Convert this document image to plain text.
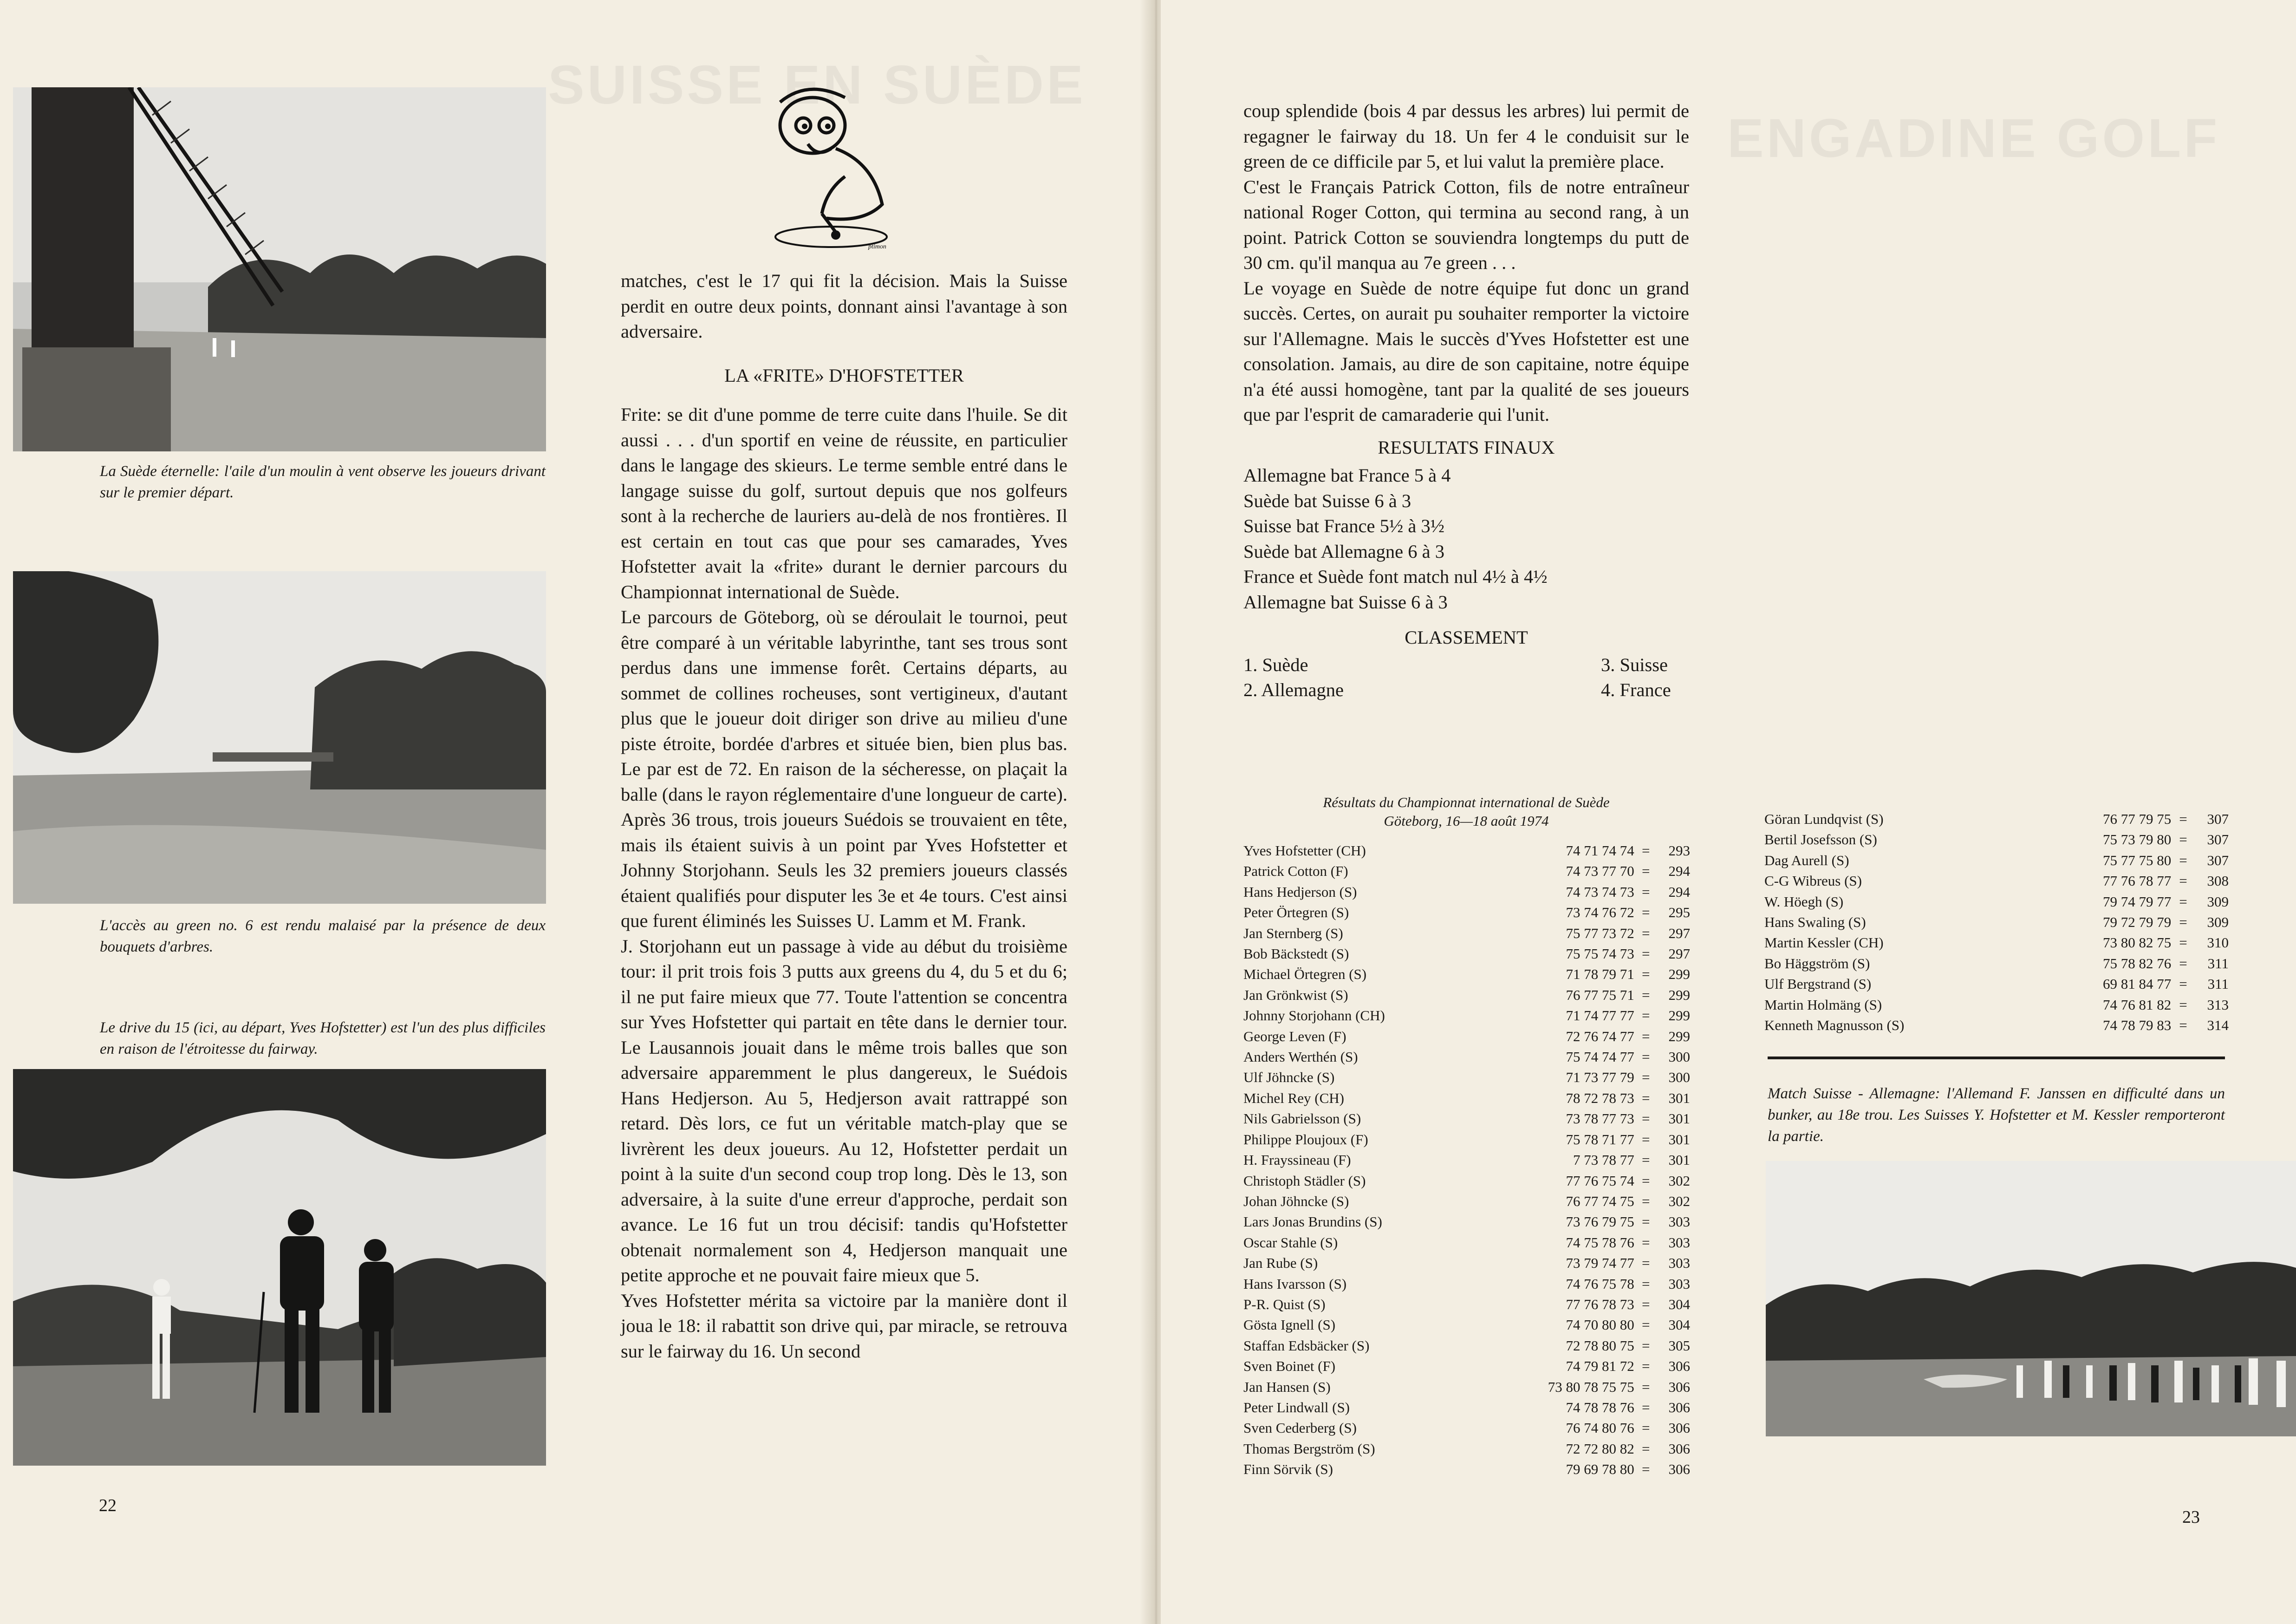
SUISSE EN SUÈDE
La Suède éternelle: l'aile d'un moulin à vent observe les joueurs drivant sur le premier départ.
L'accès au green no. 6 est rendu malaisé par la présence de deux bouquets d'arbres.
Le drive du 15 (ici, au départ, Yves Hofstetter) est l'un des plus difficiles en raison de l'étroitesse du fairway.
ptimon

matches, c'est le 17 qui fit la décision. Mais la Suisse perdit en outre deux points, donnant ainsi l'avantage à son adversaire.

LA «FRITE» D'HOFSTETTER

Frite: se dit d'une pomme de terre cuite dans l'huile. Se dit aussi . . . d'un sportif en veine de réussite, en particulier dans le langage des skieurs. Le terme semble entré dans le langage suisse du golf, surtout depuis que nos golfeurs sont à la recherche de lauriers au-delà de nos frontières. Il est certain en tout cas que pour ses camarades, Yves Hofstetter avait la «frite» durant le dernier parcours du Championnat international de Suède.

Le parcours de Göteborg, où se déroulait le tournoi, peut être comparé à un véritable labyrinthe, tant ses trous sont perdus dans une immense forêt. Certains départs, au sommet de collines rocheuses, sont vertigineux, d'autant plus que le joueur doit diriger son drive au milieu d'une piste étroite, bordée d'arbres et située bien, bien plus bas. Le par est de 72. En raison de la sécheresse, on plaçait la balle (dans le rayon réglementaire d'une longueur de carte).

Après 36 trous, trois joueurs Suédois se trouvaient en tête, mais ils étaient suivis à un point par Yves Hofstetter et Johnny Storjohann. Seuls les 32 premiers joueurs classés étaient qualifiés pour disputer les 3e et 4e tours. C'est ainsi que furent éliminés les Suisses U. Lamm et M. Frank.

J. Storjohann eut un passage à vide au début du troisième tour: il prit trois fois 3 putts aux greens du 4, du 5 et du 6; il ne put faire mieux que 77. Toute l'attention se concentra sur Yves Hofstetter qui partait en tête dans le dernier tour. Le Lausannois jouait dans le même trois balles que son adversaire apparemment le plus dangereux, le Suédois Hans Hedjerson. Au 5, Hedjerson avait rattrappé son retard. Dès lors, ce fut un véritable match-play que se livrèrent les deux joueurs. Au 12, Hofstetter perdait un point à la suite d'un second coup trop long. Dès le 13, son adversaire, à la suite d'une erreur d'approche, perdait son avance. Le 16 fut un trou décisif: tandis qu'Hofstetter obtenait normalement son 4, Hedjerson manquait une petite approche et ne pouvait faire mieux que 5.

Yves Hofstetter mérita sa victoire par la manière dont il joua le 18: il rabattit son drive qui, par miracle, se retrouva sur le fairway du 16. Un second

22
ENGADINE GOLF

coup splendide (bois 4 par dessus les arbres) lui permit de regagner le fairway du 18. Un fer 4 le conduisit sur le green de ce difficile par 5, et lui valut la première place.

C'est le Français Patrick Cotton, fils de notre entraîneur national Roger Cotton, qui termina au second rang, à un point. Patrick Cotton se souviendra longtemps du putt de 30 cm. qu'il manqua au 7e green . . .

Le voyage en Suède de notre équipe fut donc un grand succès. Certes, on aurait pu souhaiter remporter la victoire sur l'Allemagne. Mais le succès d'Yves Hofstetter est une consolation. Jamais, au dire de son capitaine, notre équipe n'a été aussi homogène, tant par la qualité de ses joueurs que par l'esprit de camaraderie qui l'unit.

RESULTATS FINAUX

Allemagne bat France 5 à 4

Suède bat Suisse 6 à 3

Suisse bat France 5½ à 3½

Suède bat Allemagne 6 à 3

France et Suède font match nul 4½ à 4½

Allemagne bat Suisse 6 à 3

CLASSEMENT

1. Suède	3. Suisse
2. Allemagne	4. France
Résultats du Championnat international de Suède
Göteborg, 16—18 août 1974
Yves Hofstetter (CH)	74 71 74 74	=	293
Patrick Cotton (F)	74 73 77 70	=	294
Hans Hedjerson (S)	74 73 74 73	=	294
Peter Örtegren (S)	73 74 76 72	=	295
Jan Sternberg (S)	75 77 73 72	=	297
Bob Bäckstedt (S)	75 75 74 73	=	297
Michael Örtegren (S)	71 78 79 71	=	299
Jan Grönkwist (S)	76 77 75 71	=	299
Johnny Storjohann (CH)	71 74 77 77	=	299
George Leven (F)	72 76 74 77	=	299
Anders Werthén (S)	75 74 74 77	=	300
Ulf Jöhncke (S)	71 73 77 79	=	300
Michel Rey (CH)	78 72 78 73	=	301
Nils Gabrielsson (S)	73 78 77 73	=	301
Philippe Ploujoux (F)	75 78 71 77	=	301
H. Frayssineau (F)	7 73 78 77	=	301
Christoph Städler (S)	77 76 75 74	=	302
Johan Jöhncke (S)	76 77 74 75	=	302
Lars Jonas Brundins (S)	73 76 79 75	=	303
Oscar Stahle (S)	74 75 78 76	=	303
Jan Rube (S)	73 79 74 77	=	303
Hans Ivarsson (S)	74 76 75 78	=	303
P-R. Quist (S)	77 76 78 73	=	304
Gösta Ignell (S)	74 70 80 80	=	304
Staffan Edsbäcker (S)	72 78 80 75	=	305
Sven Boinet (F)	74 79 81 72	=	306
Jan Hansen (S)	73 80 78 75 75	=	306
Peter Lindwall (S)	74 78 78 76	=	306
Sven Cederberg (S)	76 74 80 76	=	306
Thomas Bergström (S)	72 72 80 82	=	306
Finn Sörvik (S)	79 69 78 80	=	306
Göran Lundqvist (S)	76 77 79 75	=	307
Bertil Josefsson (S)	75 73 79 80	=	307
Dag Aurell (S)	75 77 75 80	=	307
C-G Wibreus (S)	77 76 78 77	=	308
W. Höegh (S)	79 74 79 77	=	309
Hans Swaling (S)	79 72 79 79	=	309
Martin Kessler (CH)	73 80 82 75	=	310
Bo Häggström (S)	75 78 82 76	=	311
Ulf Bergstrand (S)	69 81 84 77	=	311
Martin Holmäng (S)	74 76 81 82	=	313
Kenneth Magnusson (S)	74 78 79 83	=	314
Match Suisse - Allemagne: l'Allemand F. Janssen en difficulté dans un bunker, au 18e trou. Les Suisses Y. Hofstetter et M. Kessler remporteront la partie.
23
